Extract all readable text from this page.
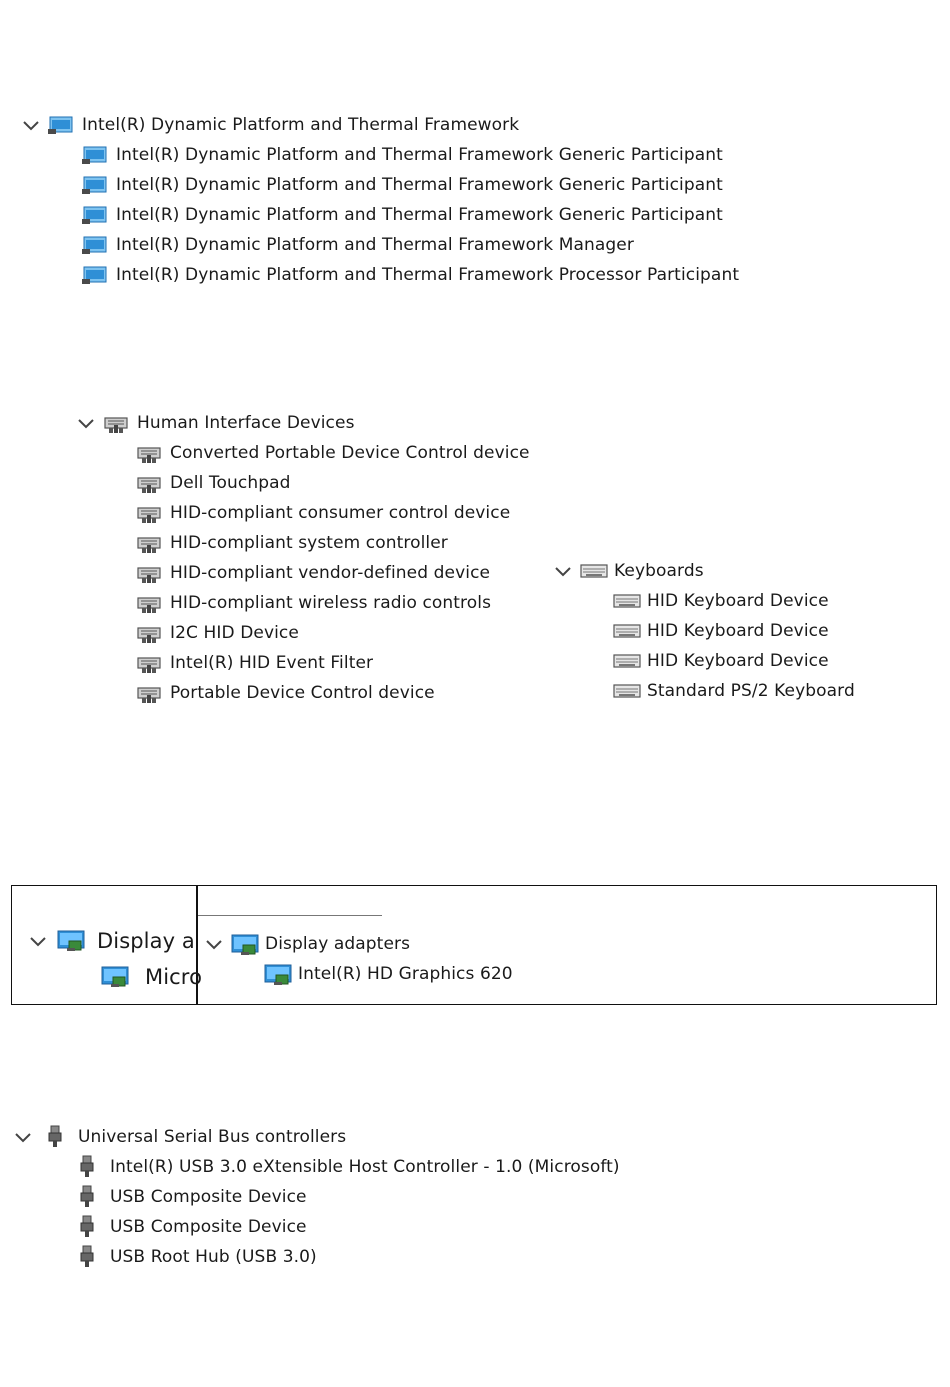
Intel(R) Dynamic Platform and Thermal Framework
Intel(R) Dynamic Platform and Thermal Framework Generic Participant
Intel(R) Dynamic Platform and Thermal Framework Generic Participant
Intel(R) Dynamic Platform and Thermal Framework Generic Participant
Intel(R) Dynamic Platform and Thermal Framework Manager
Intel(R) Dynamic Platform and Thermal Framework Processor Participant
Human Interface Devices
Converted Portable Device Control device
Dell Touchpad
HID-compliant consumer control device
HID-compliant system controller
HID-compliant vendor-defined device
HID-compliant wireless radio controls
I2C HID Device
Intel(R) HID Event Filter
Portable Device Control device
Keyboards
HID Keyboard Device
HID Keyboard Device
HID Keyboard Device
Standard PS/2 Keyboard
Display a
Micro
Display adapters
Intel(R) HD Graphics 620
Universal Serial Bus controllers
Intel(R) USB 3.0 eXtensible Host Controller - 1.0 (Microsoft)
USB Composite Device
USB Composite Device
USB Root Hub (USB 3.0)
